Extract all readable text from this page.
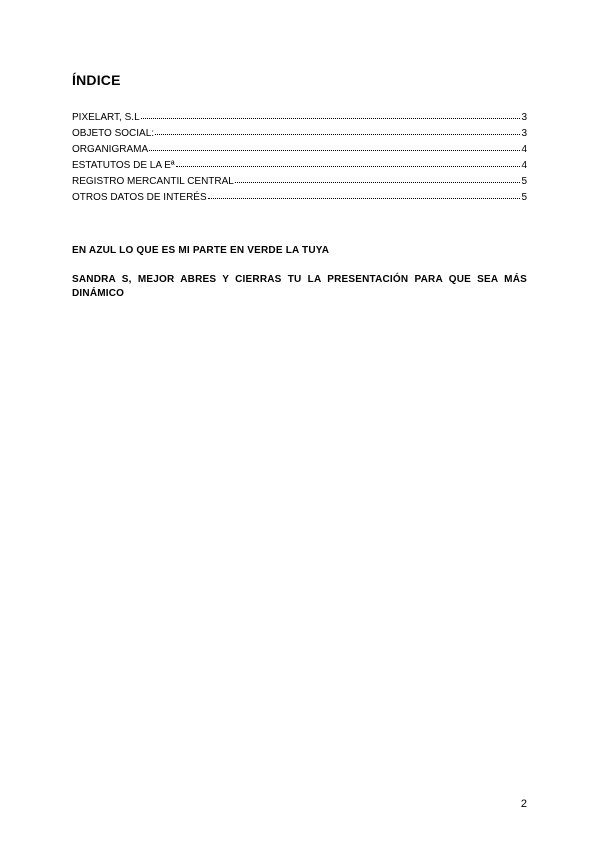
ÍNDICE
PIXELART, S.L	3
OBJETO SOCIAL:	3
ORGANIGRAMA	4
ESTATUTOS DE LA Eª	4
REGISTRO MERCANTIL CENTRAL	5
OTROS DATOS DE INTERÉS	5
EN AZUL LO QUE ES MI PARTE EN VERDE LA TUYA
SANDRA S, MEJOR ABRES Y CIERRAS TU LA PRESENTACIÓN PARA QUE SEA MÁS DINÁMICO
2
